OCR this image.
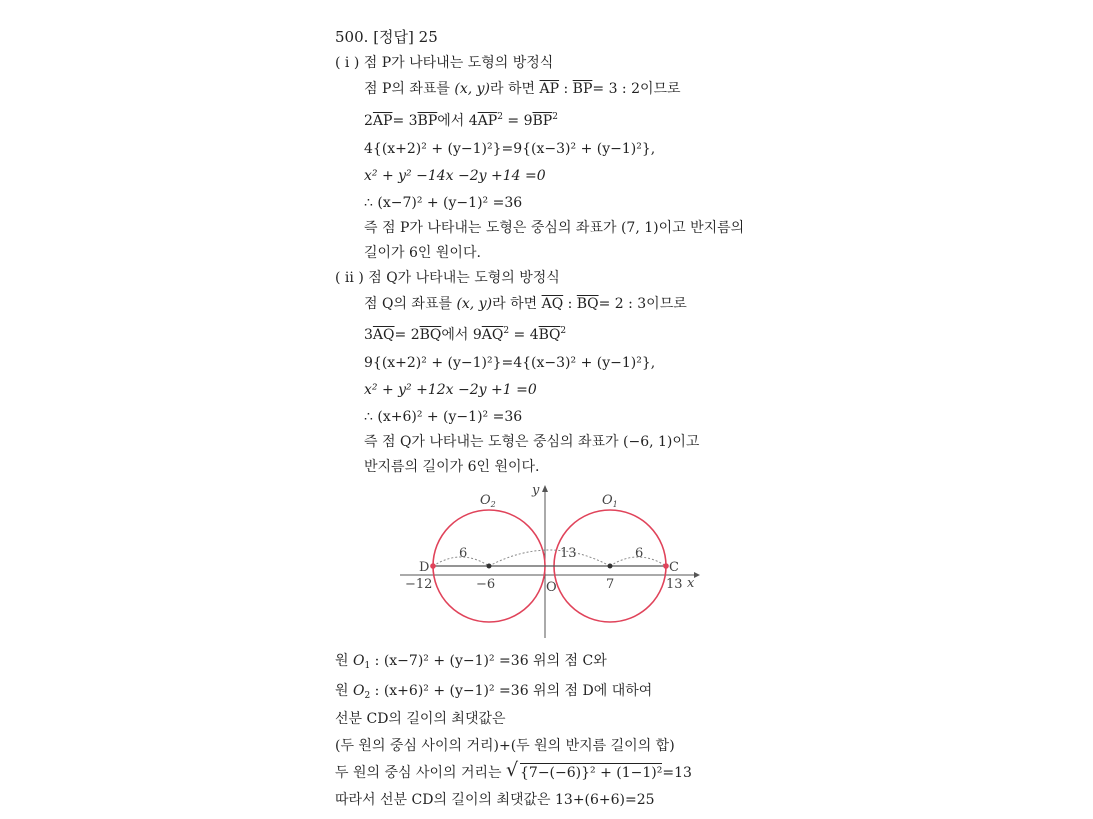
500. [정답] 25
( i ) 점 P가 나타내는 도형의 방정식
점 P의 좌표를 (x, y)라 하면 $\overline{AP}$ : $\overline{BP}= 3$ : 2이므로
$2\overline{AP}= 3\overline{BP}$에서 $4\overline{AP}^2 = 9\overline{BP}^2$
4{(x+2)² + (y−1)²}=9{(x−3)² + (y−1)²},
x² + y² −14x −2y +14 =0
∴ (x−7)² + (y−1)² =36
즉 점 P가 나타내는 도형은 중심의 좌표가 (7, 1)이고 반지름의
길이가 6인 원이다.
( ii ) 점 Q가 나타내는 도형의 방정식
점 Q의 좌표를 (x, y)라 하면 $\overline{AQ}$ : $\overline{BQ}= 2$ : 3이므로
$3\overline{AQ}= 2\overline{BQ}$에서 $9\overline{AQ}^2 = 4\overline{BQ}^2$
9{(x+2)² + (y−1)²}=4{(x−3)² + (y−1)²},
x² + y² +12x −2y +1 =0
∴ (x+6)² + (y−1)² =36
즉 점 Q가 나타내는 도형은 중심의 좌표가 (−6, 1)이고
반지름의 길이가 6인 원이다.
y
x
O
$O_2$	$O_1$
D	C
6	13	6
−12	−6	7	13
원 $O_1$ : (x−7)² + (y−1)² =36 위의 점 C와
원 $O_2$ : (x+6)² + (y−1)² =36 위의 점 D에 대하여
선분 CD의 길이의 최댓값은
(두 원의 중심 사이의 거리)+(두 원의 반지름 길이의 합)
두 원의 중심 사이의 거리는 √ {7−(−6)}² + (1−1)²=13
따라서 선분 CD의 길이의 최댓값은 13+(6+6)=25
